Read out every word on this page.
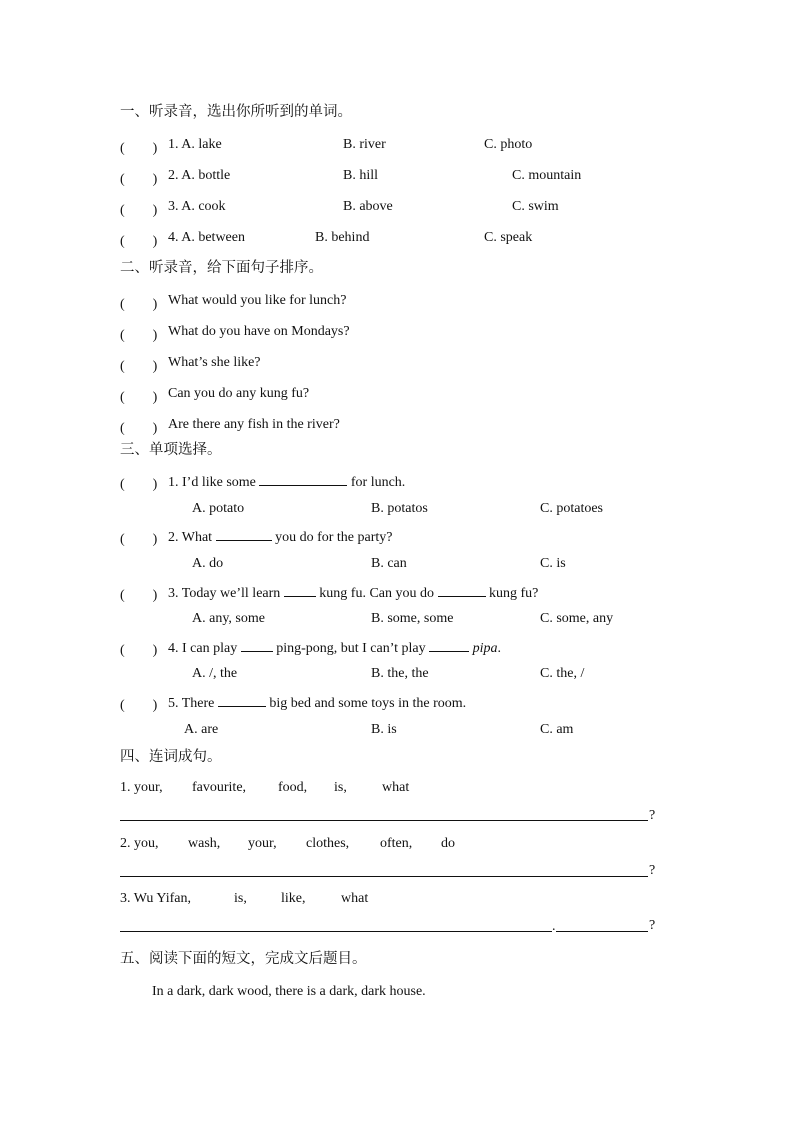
一、听录音，选出你所听到的单词。
(　　) 1. A. lake	B. river	C. photo
(　　) 2. A. bottle	B. hill	C. mountain
(　　) 3. A. cook	B. above	C. swim
(　　) 4. A. between	B. behind	C. speak
二、听录音，给下面句子排序。
(　　) What would you like for lunch?
(　　) What do you have on Mondays?
(　　) What’s she like?
(　　) Can you do any kung fu?
(　　) Are there any fish in the river?
三、单项选择。
(　　) 1. I’d like some	for lunch.
A. potato	B. potatos	C. potatoes
(　　) 2. What	you do for the party?
A. do	B. can	C. is
(　　) 3. Today we’ll learn	kung fu. Can you do	kung fu?
A. any, some	B. some, some	C. some, any
(　　) 4. I can play	ping-pong, but I can’t play	pipa.
A. /, the	B. the, the	C. the, /
(　　) 5. There	big bed and some toys in the room.
A. are	B. is	C. am
四、连词成句。
1. your, favourite, food, is,	what
?
2. you, wash, your, clothes, often, do
?
3. Wu Yifan,	is, like,	what
.	?
五、阅读下面的短文，完成文后题目。
In a dark, dark wood, there is a dark, dark house.
